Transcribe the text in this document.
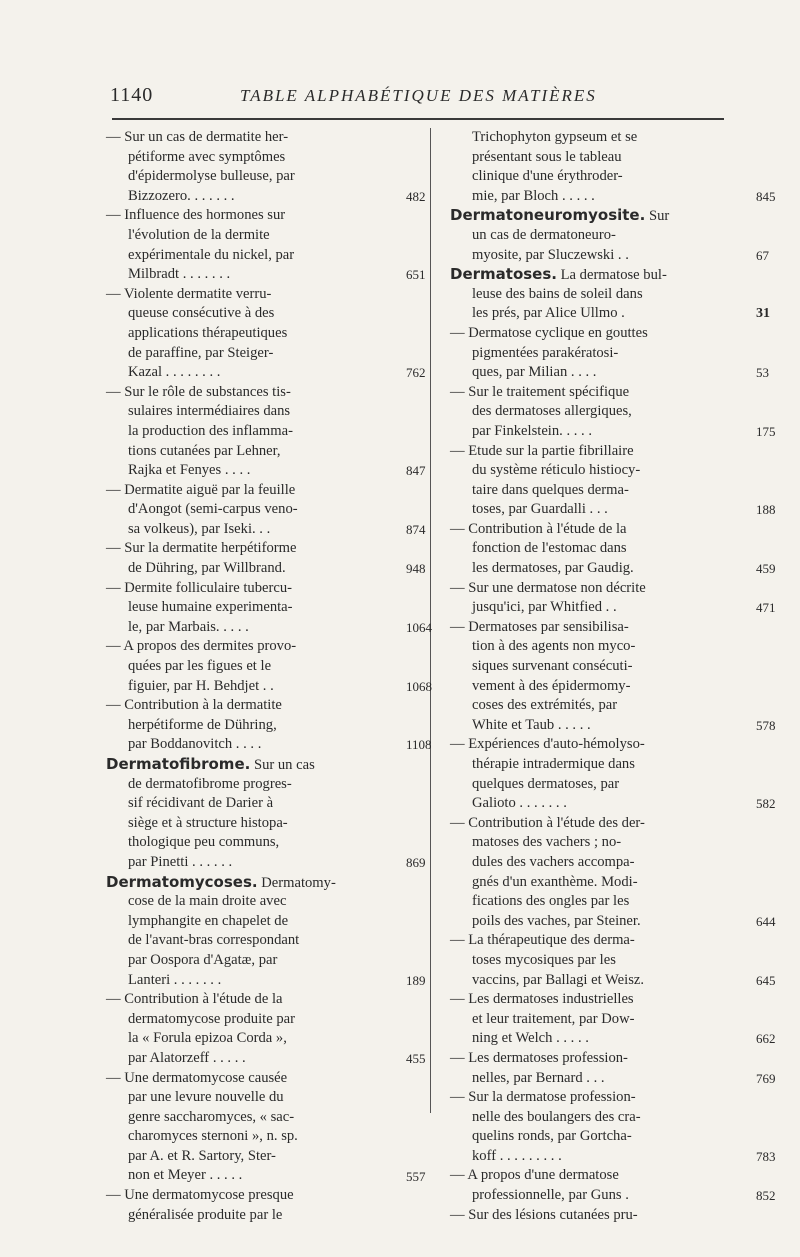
1140	TABLE ALPHABÉTIQUE DES MATIÈRES
— Sur un cas de dermatite her-
pétiforme avec symptômes
d'épidermolyse bulleuse, par
Bizzozero. . . . . . .	482
— Influence des hormones sur
l'évolution de la dermite
expérimentale du nickel, par
Milbradt . . . . . . .	651
— Violente dermatite verru-
queuse consécutive à des
applications thérapeutiques
de paraffine, par Steiger-
Kazal . . . . . . . .	762
— Sur le rôle de substances tis-
sulaires intermédiaires dans
la production des inflamma-
tions cutanées par Lehner,
Rajka et Fenyes . . . .	847
— Dermatite aiguë par la feuille
d'Aongot (semi-carpus veno-
sa volkeus), par Iseki. . .	874
— Sur la dermatite herpétiforme
de Dühring, par Willbrand.	948
— Dermite folliculaire tubercu-
leuse humaine experimenta-
le, par Marbais. . . . .	1064
— A propos des dermites provo-
quées par les figues et le
figuier, par H. Behdjet . .	1068
— Contribution à la dermatite
herpétiforme de Dühring,
par Boddanovitch . . . .	1108
Dermatofibrome. Sur un cas
de dermatofibrome progres-
sif récidivant de Darier à
siège et à structure histopa-
thologique peu communs,
par Pinetti . . . . . .	869
Dermatomycoses. Dermatomy-
cose de la main droite avec
lymphangite en chapelet de
de l'avant-bras correspondant
par Oospora d'Agatæ, par
Lanteri . . . . . . .	189
— Contribution à l'étude de la
dermatomycose produite par
la « Forula epizoa Corda »,
par Alatorzeff . . . . .	455
— Une dermatomycose causée
par une levure nouvelle du
genre saccharomyces, « sac-
charomyces sternoni », n. sp.
par A. et R. Sartory, Ster-
non et Meyer . . . . .	557
— Une dermatomycose presque
généralisée produite par le
Trichophyton gypseum et se
présentant sous le tableau
clinique d'une érythroder-
mie, par Bloch . . . . .	845
Dermatoneuromyosite. Sur
un cas de dermatoneuro-
myosite, par Sluczewski . .	67
Dermatoses. La dermatose bul-
leuse des bains de soleil dans
les prés, par Alice Ullmo .	31
— Dermatose cyclique en gouttes
pigmentées parakératosi-
ques, par Milian . . . .	53
— Sur le traitement spécifique
des dermatoses allergiques,
par Finkelstein. . . . .	175
— Etude sur la partie fibrillaire
du système réticulo histiocy-
taire dans quelques derma-
toses, par Guardalli . . .	188
— Contribution à l'étude de la
fonction de l'estomac dans
les dermatoses, par Gaudig.	459
— Sur une dermatose non décrite
jusqu'ici, par Whitfied . .	471
— Dermatoses par sensibilisa-
tion à des agents non myco-
siques survenant consécuti-
vement à des épidermomy-
coses des extrémités, par
White et Taub . . . . .	578
— Expériences d'auto-hémolyso-
thérapie intradermique dans
quelques dermatoses, par
Galioto . . . . . . .	582
— Contribution à l'étude des der-
matoses des vachers ; no-
dules des vachers accompa-
gnés d'un exanthème. Modi-
fications des ongles par les
poils des vaches, par Steiner.	644
— La thérapeutique des derma-
toses mycosiques par les
vaccins, par Ballagi et Weisz.	645
— Les dermatoses industrielles
et leur traitement, par Dow-
ning et Welch . . . . .	662
— Les dermatoses profession-
nelles, par Bernard . . .	769
— Sur la dermatose profession-
nelle des boulangers des cra-
quelins ronds, par Gortcha-
koff . . . . . . . . .	783
— A propos d'une dermatose
professionnelle, par Guns .	852
— Sur des lésions cutanées pru-
